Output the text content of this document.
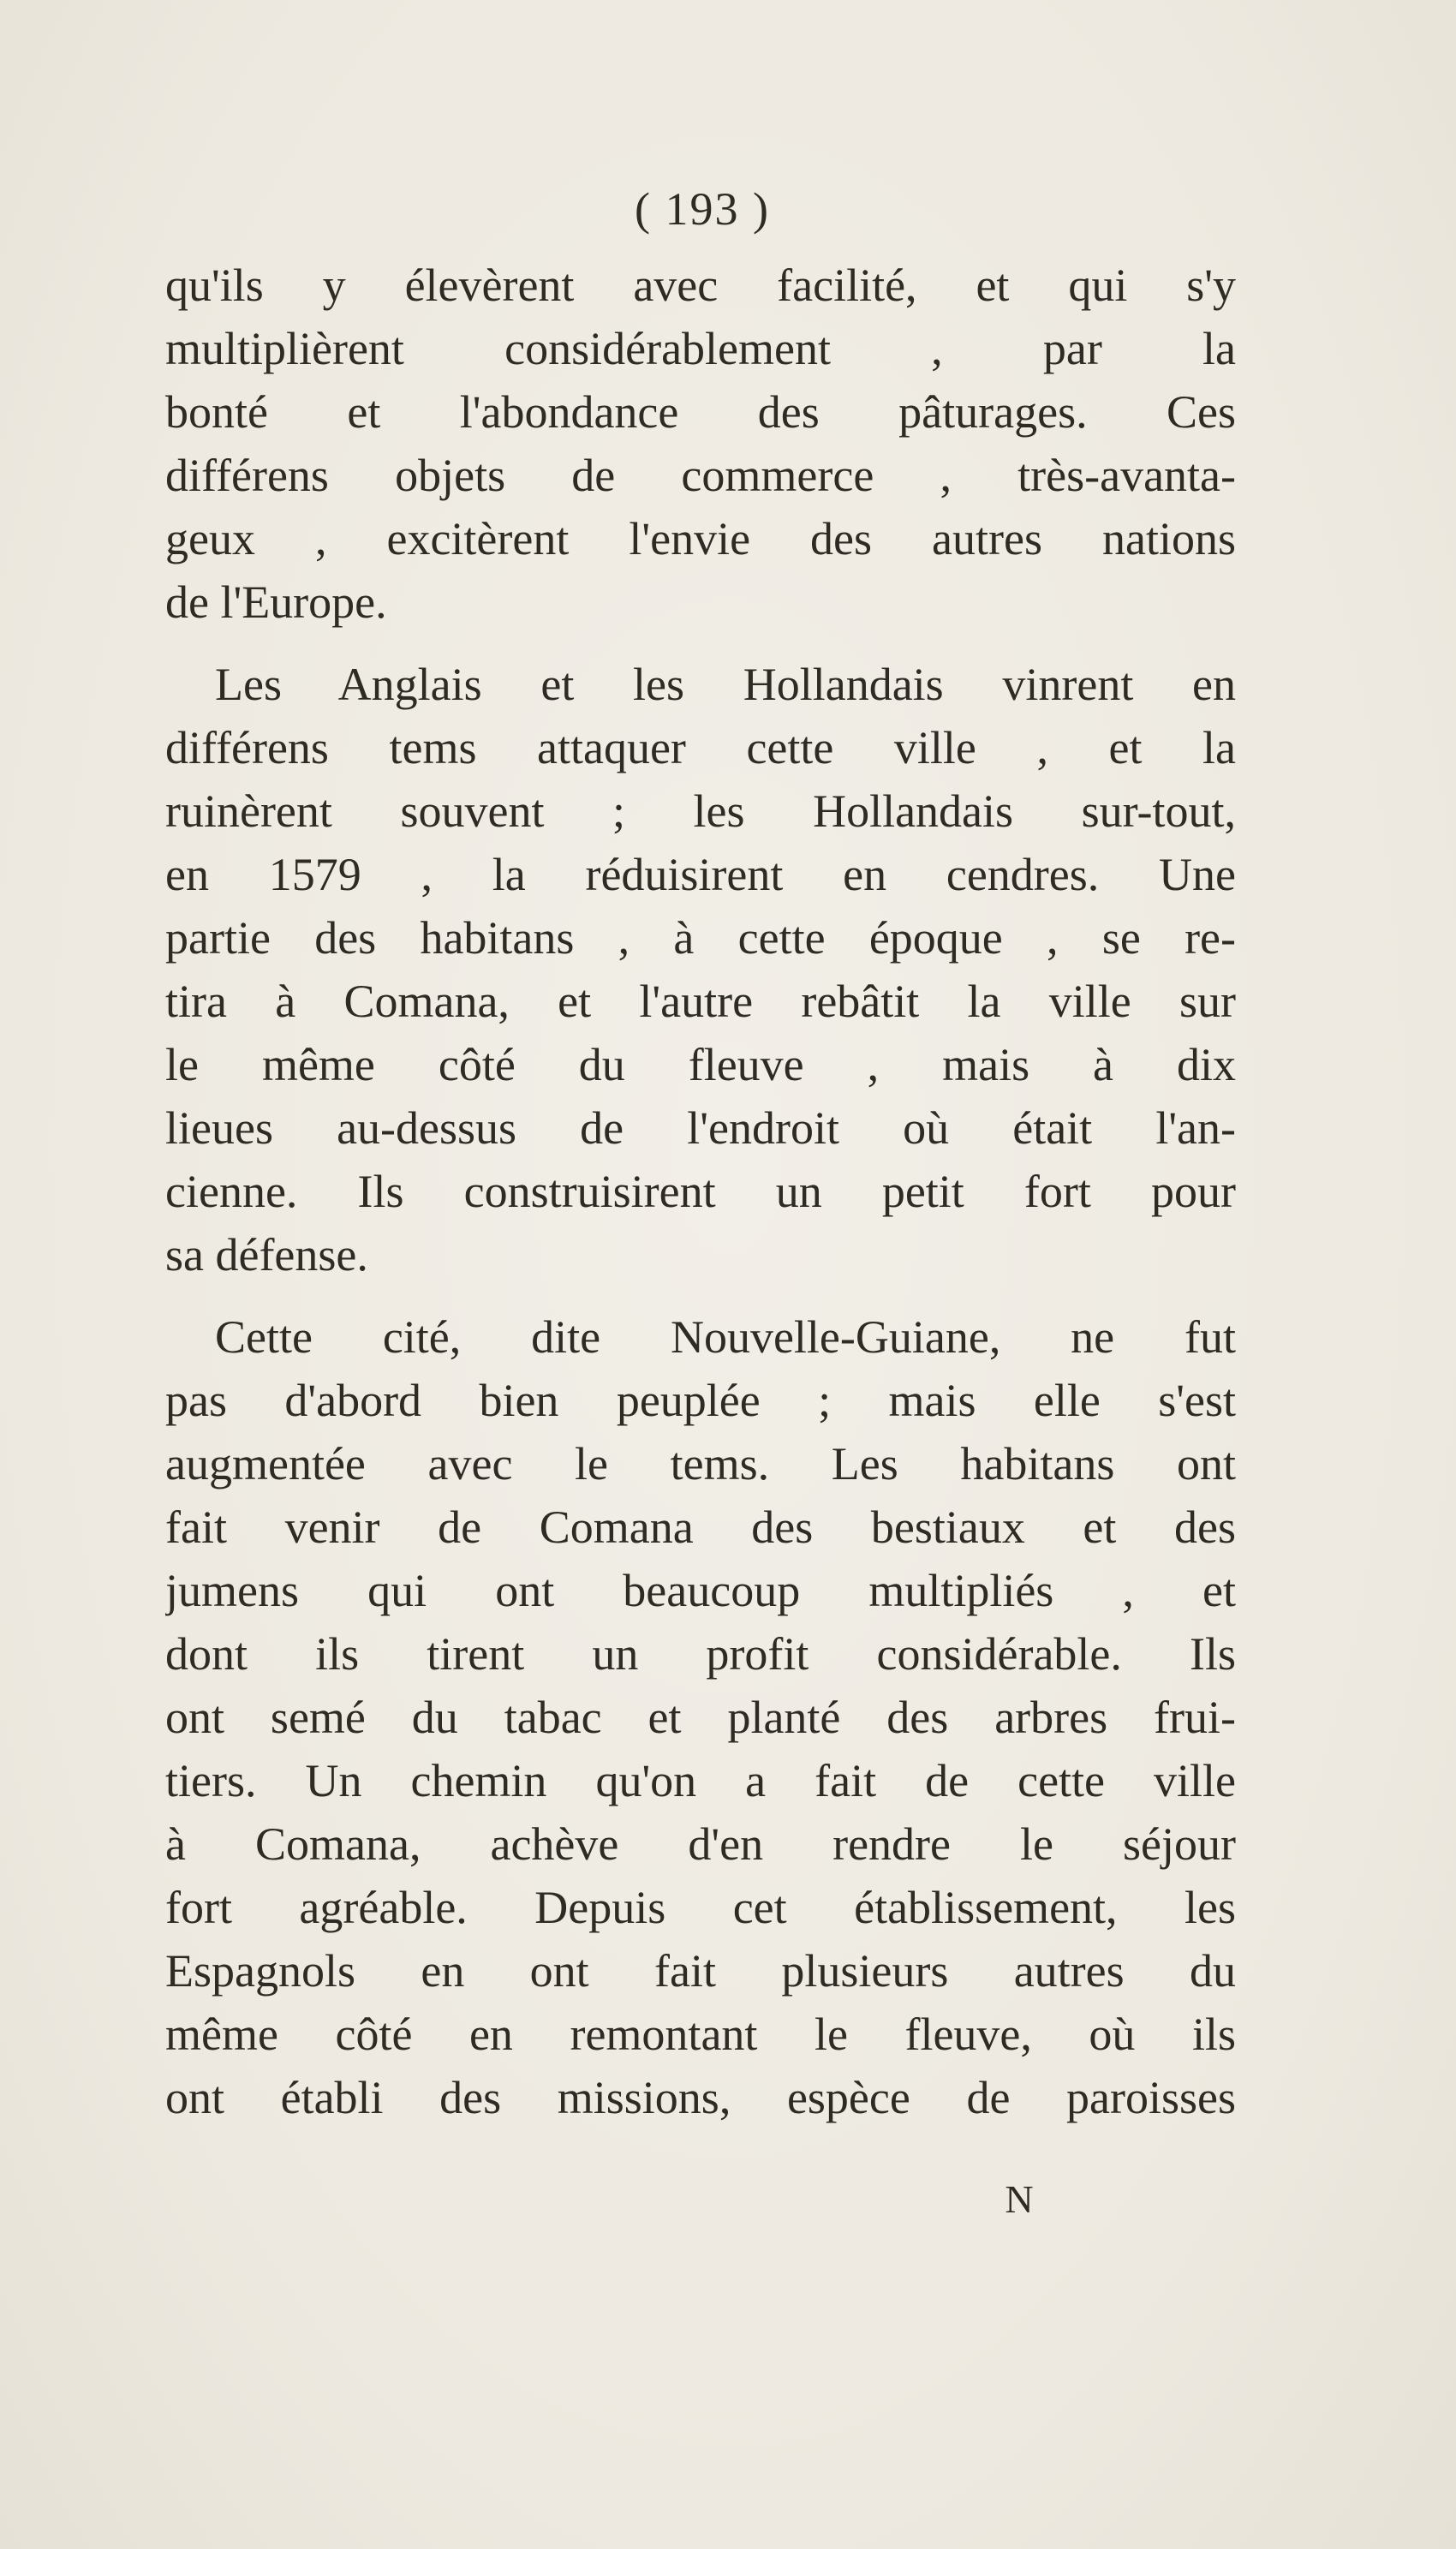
( 193 )
qu'ils y élevèrent avec facilité, et qui s'y
multiplièrent considérablement , par la
bonté et l'abondance des pâturages. Ces
différens objets de commerce , très-avanta-
geux , excitèrent l'envie des autres nations
de l'Europe.
Les Anglais et les Hollandais vinrent en
différens tems attaquer cette ville , et la
ruinèrent souvent ; les Hollandais sur-tout,
en 1579 , la réduisirent en cendres. Une
partie des habitans , à cette époque , se re-
tira à Comana, et l'autre rebâtit la ville sur
le même côté du fleuve , mais à dix
lieues au-dessus de l'endroit où était l'an-
cienne. Ils construisirent un petit fort pour
sa défense.
Cette cité, dite Nouvelle-Guiane, ne fut
pas d'abord bien peuplée ; mais elle s'est
augmentée avec le tems. Les habitans ont
fait venir de Comana des bestiaux et des
jumens qui ont beaucoup multipliés , et
dont ils tirent un profit considérable. Ils
ont semé du tabac et planté des arbres frui-
tiers. Un chemin qu'on a fait de cette ville
à Comana, achève d'en rendre le séjour
fort agréable. Depuis cet établissement, les
Espagnols en ont fait plusieurs autres du
même côté en remontant le fleuve, où ils
ont établi des missions, espèce de paroisses
N
